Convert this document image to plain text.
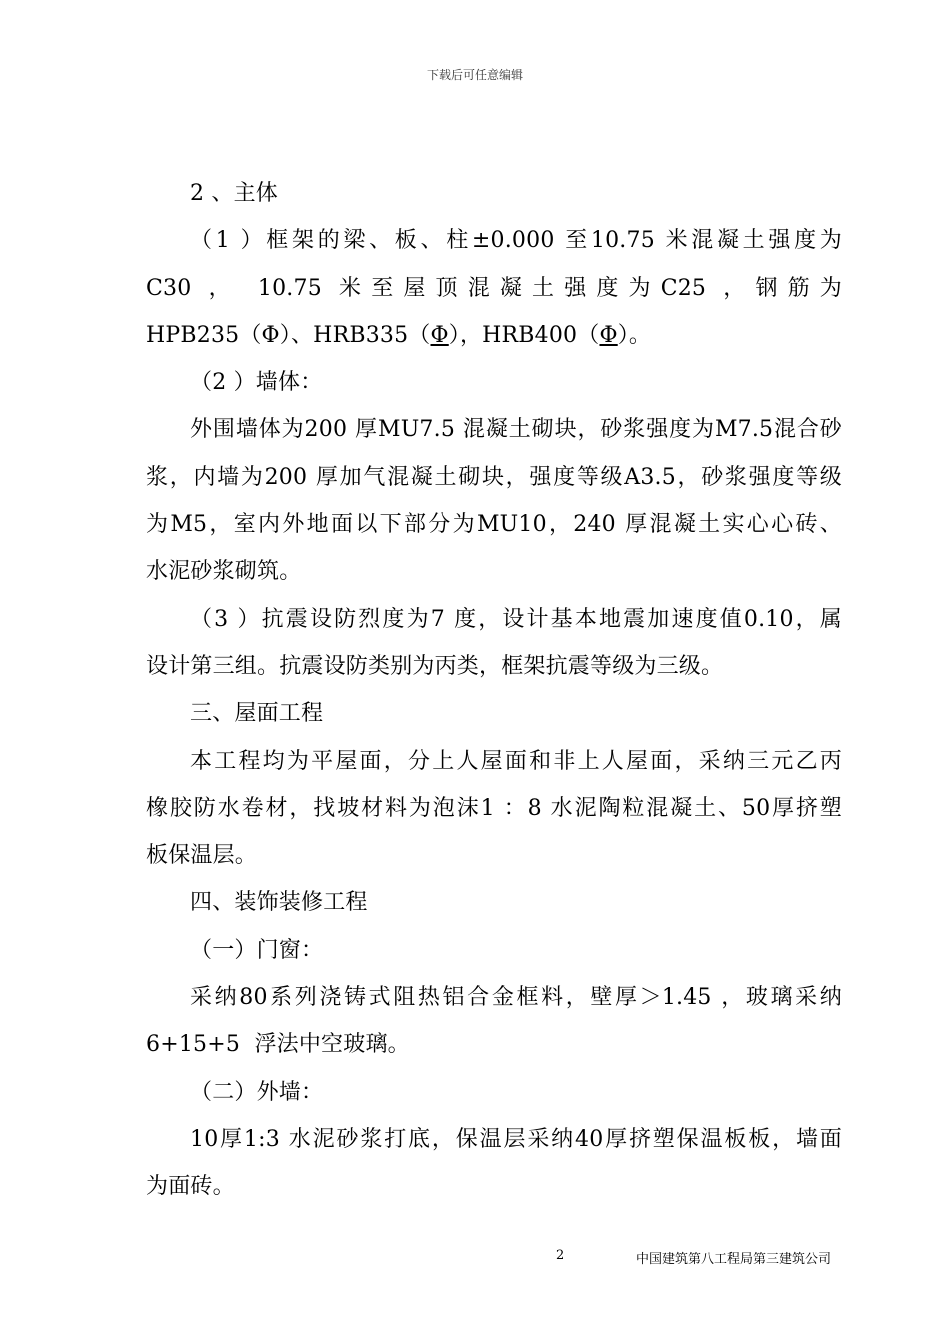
下载后可任意编辑
2 、主体
（1 ）框架的梁、板、柱±0.000 至10.75 米混凝土强度为
C30 ， 10.75 米至屋顶混凝土强度为C25 ，钢筋为
HPB235（Φ）、HRB335（Φ），HRB400（Φ）。
（2 ）墙体：
外围墙体为200 厚MU7.5 混凝土砌块，砂浆强度为M7.5混合砂
浆，内墙为200 厚加气混凝土砌块，强度等级A3.5，砂浆强度等级
为M5，室内外地面以下部分为MU10，240 厚混凝土实心心砖、
水泥砂浆砌筑。
（3 ）抗震设防烈度为7 度，设计基本地震加速度值0.10，属
设计第三组。抗震设防类别为丙类，框架抗震等级为三级。
三、屋面工程
本工程均为平屋面，分上人屋面和非上人屋面，采纳三元乙丙
橡胶防水卷材，找坡材料为泡沫1 ：8 水泥陶粒混凝土、50厚挤塑
板保温层。
四、装饰装修工程
（一）门窗：
采纳80系列浇铸式阻热铝合金框料，壁厚＞1.45 ，玻璃采纳
6+15+5  浮法中空玻璃。
（二）外墙：
10厚1:3 水泥砂浆打底，保温层采纳40厚挤塑保温板板，墙面
为面砖。
2	中国建筑第八工程局第三建筑公司
